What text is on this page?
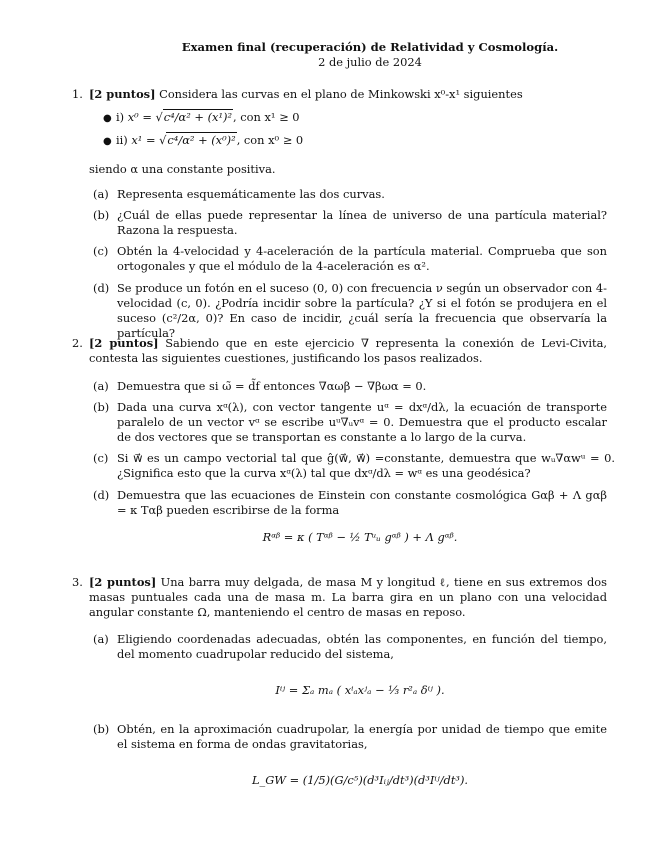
Examen final (recuperación) de Relatividad y Cosmología.
2 de julio de 2024
1. [2 puntos] Considera las curvas en el plano de Minkowski x⁰-x¹ siguientes
● i) x⁰ = √c⁴/α² + (x¹)², con x¹ ≥ 0
● ii) x¹ = √c⁴/α² + (x⁰)², con x⁰ ≥ 0
siendo α una constante positiva.
(a) Representa esquemáticamente las dos curvas.
(b) ¿Cuál de ellas puede representar la línea de universo de una partícula material? Razona la respuesta.
(c) Obtén la 4-velocidad y 4-aceleración de la partícula material. Comprueba que son ortogonales y que el módulo de la 4-aceleración es α².
(d) Se produce un fotón en el suceso (0, 0) con frecuencia ν según un observador con 4-velocidad (c, 0). ¿Podría incidir sobre la partícula? ¿Y si el fotón se produjera en el suceso (c²/2α, 0)? En caso de incidir, ¿cuál sería la frecuencia que observaría la partícula?
2. [2 puntos] Sabiendo que en este ejercicio ∇ representa la conexión de Levi-Civita, contesta las siguientes cuestiones, justificando los pasos realizados.
(a) Demuestra que si ω̃ = d̃f entonces ∇αωβ − ∇βωα = 0.
(b) Dada una curva xᵅ(λ), con vector tangente uᵅ = dxᵅ/dλ, la ecuación de transporte paralelo de un vector vᵅ se escribe uᵘ∇ᵤvᵅ = 0. Demuestra que el producto escalar de dos vectores que se transportan es constante a lo largo de la curva.
(c) Si w⃗ es un campo vectorial tal que ĝ(w⃗, w⃗) =constante, demuestra que wᵤ∇αwᵘ = 0.¿Significa esto que la curva xᵅ(λ) tal que dxᵅ/dλ = wᵅ es una geodésica?
(d) Demuestra que las ecuaciones de Einstein con constante cosmológica Gαβ + Λ gαβ = κ Tαβ pueden escribirse de la forma
Rᵅᵝ = κ ( Tᵅᵝ − ½ Tᵘᵤ gᵅᵝ ) + Λ gᵅᵝ.
3. [2 puntos] Una barra muy delgada, de masa M y longitud ℓ, tiene en sus extremos dos masas puntuales cada una de masa m. La barra gira en un plano con una velocidad angular constante Ω, manteniendo el centro de masas en reposo.
(a) Eligiendo coordenadas adecuadas, obtén las componentes, en función del tiempo, del momento cuadrupolar reducido del sistema,
Iⁱʲ = Σₐ mₐ ( xⁱₐxʲₐ − ⅓ r²ₐ δⁱʲ ).
(b) Obtén, en la aproximación cuadrupolar, la energía por unidad de tiempo que emite el sistema en forma de ondas gravitatorias,
L_GW = (1/5)(G/c⁵)(d³Iᵢⱼ/dt³)(d³Iⁱʲ/dt³).
